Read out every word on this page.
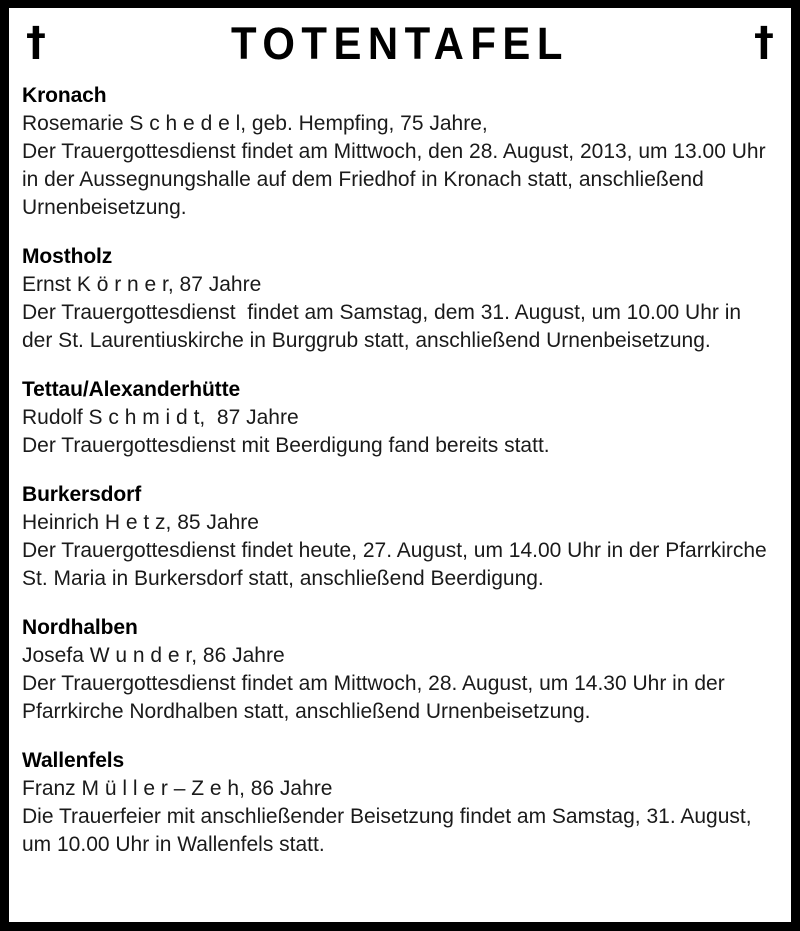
†	TOTENTAFEL	†
Kronach
Rosemarie S c h e d e l, geb. Hempfing, 75 Jahre,
Der Trauergottesdienst findet am Mittwoch, den 28. August, 2013, um 13.00 Uhr in der Aussegnungshalle auf dem Friedhof in Kronach statt, anschließend Urnenbeisetzung.
Mostholz
Ernst K ö r n e r, 87 Jahre
Der Trauergottesdienst  findet am Samstag, dem 31. August, um 10.00 Uhr in der St. Laurentiuskirche in Burggrub statt, anschließend Urnenbeisetzung.
Tettau/Alexanderhütte
Rudolf S c h m i d t,  87 Jahre
Der Trauergottesdienst mit Beerdigung fand bereits statt.
Burkersdorf
Heinrich H e t z, 85 Jahre
Der Trauergottesdienst findet heute, 27. August, um 14.00 Uhr in der Pfarrkirche St. Maria in Burkersdorf statt, anschließend Beerdigung.
Nordhalben
Josefa W u n d e r, 86 Jahre
Der Trauergottesdienst findet am Mittwoch, 28. August, um 14.30 Uhr in der Pfarrkirche Nordhalben statt, anschließend Urnenbeisetzung.
Wallenfels
Franz M ü l l e r – Z e h, 86 Jahre
Die Trauerfeier mit anschließender Beisetzung findet am Samstag, 31. August, um 10.00 Uhr in Wallenfels statt.
